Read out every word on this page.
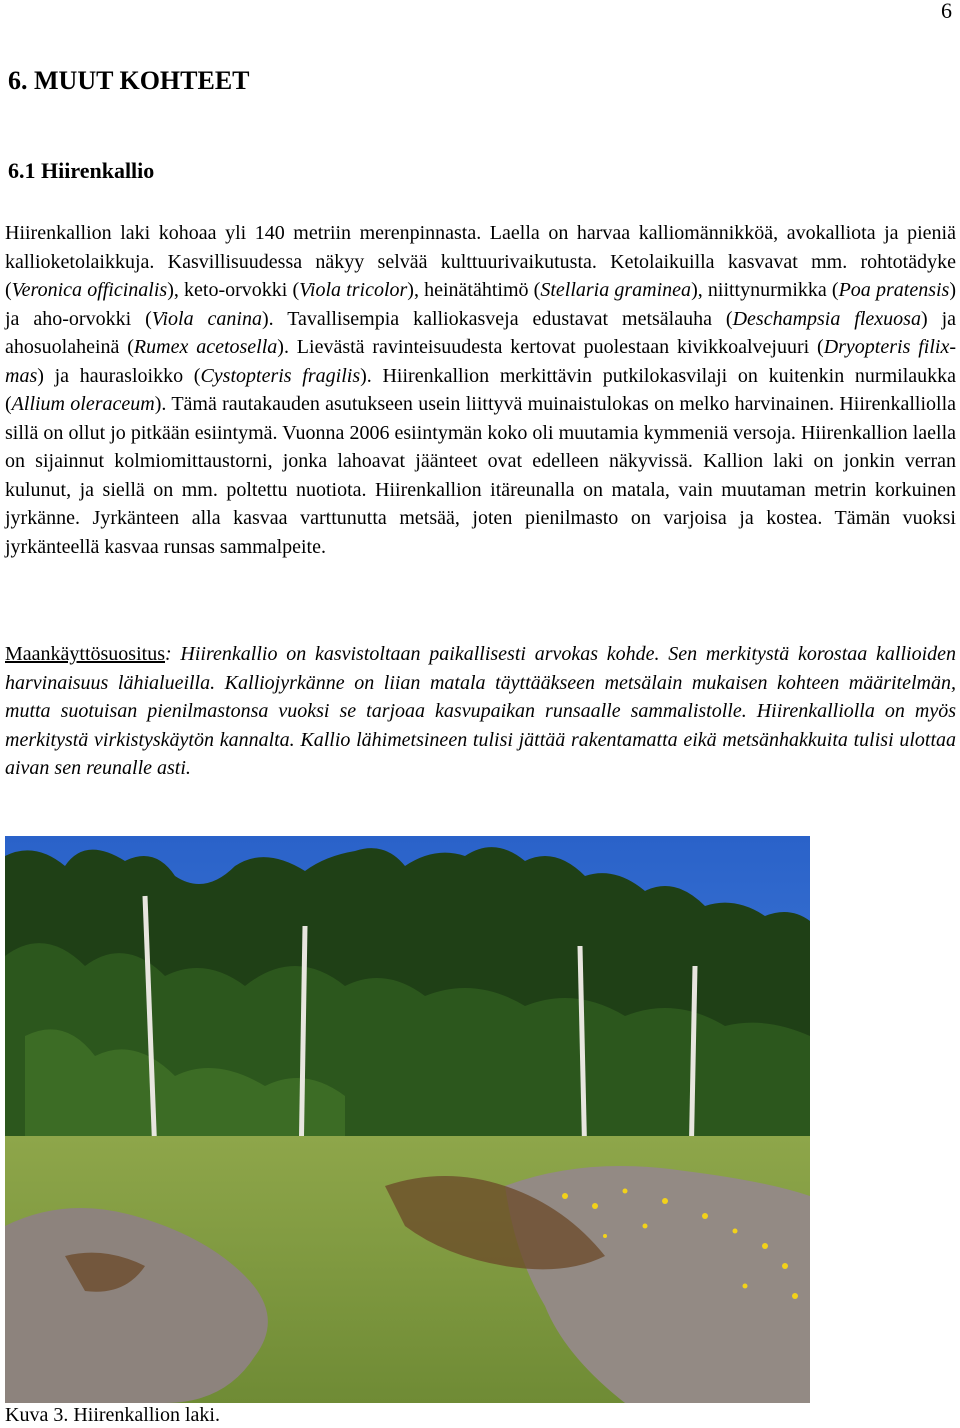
6
6. MUUT KOHTEET
6.1 Hiirenkallio

Hiirenkallion laki kohoaa yli 140 metriin merenpinnasta. Laella on harvaa kalliomännikköä, avokalliota ja pieniä kallioketolaikkuja. Kasvillisuudessa näkyy selvää kulttuurivaikutusta. Ketolaikuilla kasvavat mm. rohtotädyke (Veronica officinalis), keto-orvokki (Viola tricolor), heinätähtimö (Stellaria graminea), niittynurmikka (Poa pratensis) ja aho-orvokki (Viola canina). Tavallisempia kalliokasveja edustavat metsälauha (Deschampsia flexuosa) ja ahosuolaheinä (Rumex acetosella). Lievästä ravinteisuudesta kertovat puolestaan kivikkoalvejuuri (Dryopteris filix-mas) ja haurasloikko (Cystopteris fragilis). Hiirenkallion merkittävin putkilokasvilaji on kuitenkin nurmilaukka (Allium oleraceum). Tämä rautakauden asutukseen usein liittyvä muinaistulokas on melko harvinainen. Hiirenkalliolla sillä on ollut jo pitkään esiintymä. Vuonna 2006 esiintymän koko oli muutamia kymmeniä versoja. Hiirenkallion laella on sijainnut kolmiomittaustorni, jonka lahoavat jäänteet ovat edelleen näkyvissä. Kallion laki on jonkin verran kulunut, ja siellä on mm. poltettu nuotiota. Hiirenkallion itäreunalla on matala, vain muutaman metrin korkuinen jyrkänne. Jyrkänteen alla kasvaa varttunutta metsää, joten pienilmasto on varjoisa ja kostea. Tämän vuoksi jyrkänteellä kasvaa runsas sammalpeite.

Maankäyttösuositus: Hiirenkallio on kasvistoltaan paikallisesti arvokas kohde. Sen merkitystä korostaa kallioiden harvinaisuus lähialueilla. Kalliojyrkänne on liian matala täyttääkseen metsälain mukaisen kohteen määritelmän, mutta suotuisan pienilmastonsa vuoksi se tarjoaa kasvupaikan runsaalle sammalistolle. Hiirenkalliolla on myös merkitystä virkistyskäytön kannalta. Kallio lähimetsineen tulisi jättää rakentamatta eikä metsänhakkuita tulisi ulottaa aivan sen reunalle asti.

Kuva 3. Hiirenkallion laki.
